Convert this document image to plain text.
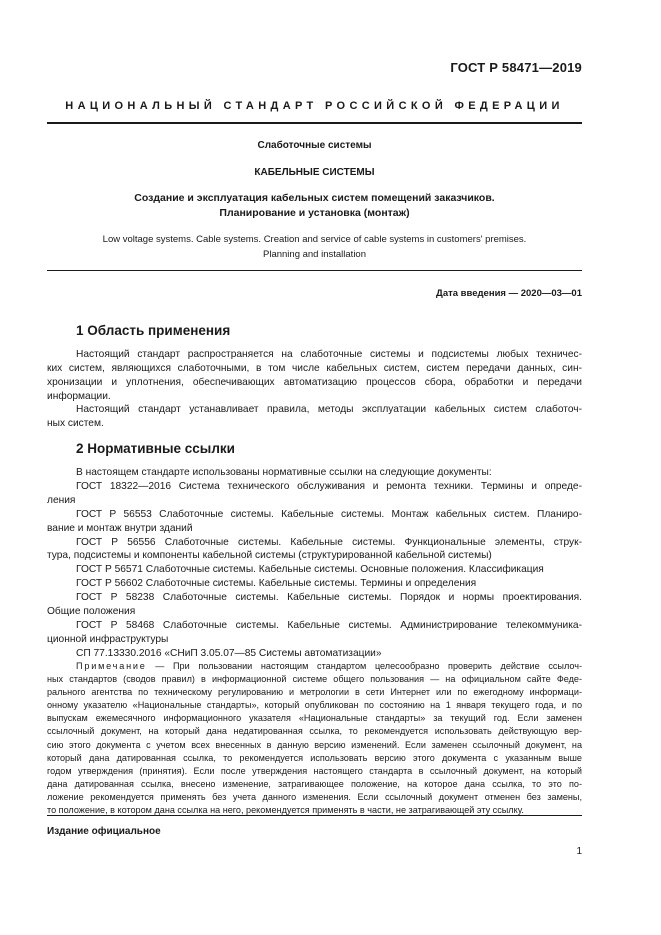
ГОСТ Р 58471—2019
НАЦИОНАЛЬНЫЙ СТАНДАРТ РОССИЙСКОЙ ФЕДЕРАЦИИ
Слаботочные системы
КАБЕЛЬНЫЕ СИСТЕМЫ
Создание и эксплуатация кабельных систем помещений заказчиков.
Планирование и установка (монтаж)
Low voltage systems. Cable systems. Creation and service of cable systems in customers' premises.
Planning and installation
Дата введения — 2020—03—01
1 Область применения
Настоящий стандарт распространяется на слаботочные системы и подсистемы любых техничес-
ких систем, являющихся слаботочными, в том числе кабельных систем, систем передачи данных, син-
хронизации и уплотнения, обеспечивающих автоматизацию процессов сбора, обработки и передачи
информации.
Настоящий стандарт устанавливает правила, методы эксплуатации кабельных систем слаботоч-
ных систем.
2 Нормативные ссылки
В настоящем стандарте использованы нормативные ссылки на следующие документы:
ГОСТ 18322—2016 Система технического обслуживания и ремонта техники. Термины и опреде-
ления
ГОСТ Р 56553 Слаботочные системы. Кабельные системы. Монтаж кабельных систем. Планиро-
вание и монтаж внутри зданий
ГОСТ Р 56556 Слаботочные системы. Кабельные системы. Функциональные элементы, струк-
тура, подсистемы и компоненты кабельной системы (структурированной кабельной системы)
ГОСТ Р 56571 Слаботочные системы. Кабельные системы. Основные положения. Классификация
ГОСТ Р 56602 Слаботочные системы. Кабельные системы. Термины и определения
ГОСТ Р 58238 Слаботочные системы. Кабельные системы. Порядок и нормы проектирования.
Общие положения
ГОСТ Р 58468 Слаботочные системы. Кабельные системы. Администрирование телекоммуника-
ционной инфраструктуры
СП 77.13330.2016 «СНиП 3.05.07—85 Системы автоматизации»
Примечание — При пользовании настоящим стандартом целесообразно проверить действие ссылоч-
ных стандартов (сводов правил) в информационной системе общего пользования — на официальном сайте Феде-
рального агентства по техническому регулированию и метрологии в сети Интернет или по ежегодному информаци-
онному указателю «Национальные стандарты», который опубликован по состоянию на 1 января текущего года, и по
выпускам ежемесячного информационного указателя «Национальные стандарты» за текущий год. Если заменен
ссылочный документ, на который дана недатированная ссылка, то рекомендуется использовать действующую вер-
сию этого документа с учетом всех внесенных в данную версию изменений. Если заменен ссылочный документ, на
который дана датированная ссылка, то рекомендуется использовать версию этого документа с указанным выше
годом утверждения (принятия). Если после утверждения настоящего стандарта в ссылочный документ, на который
дана датированная ссылка, внесено изменение, затрагивающее положение, на которое дана ссылка, то это по-
ложение рекомендуется применять без учета данного изменения. Если ссылочный документ отменен без замены,
то положение, в котором дана ссылка на него, рекомендуется применять в части, не затрагивающей эту ссылку.
Издание официальное
1
